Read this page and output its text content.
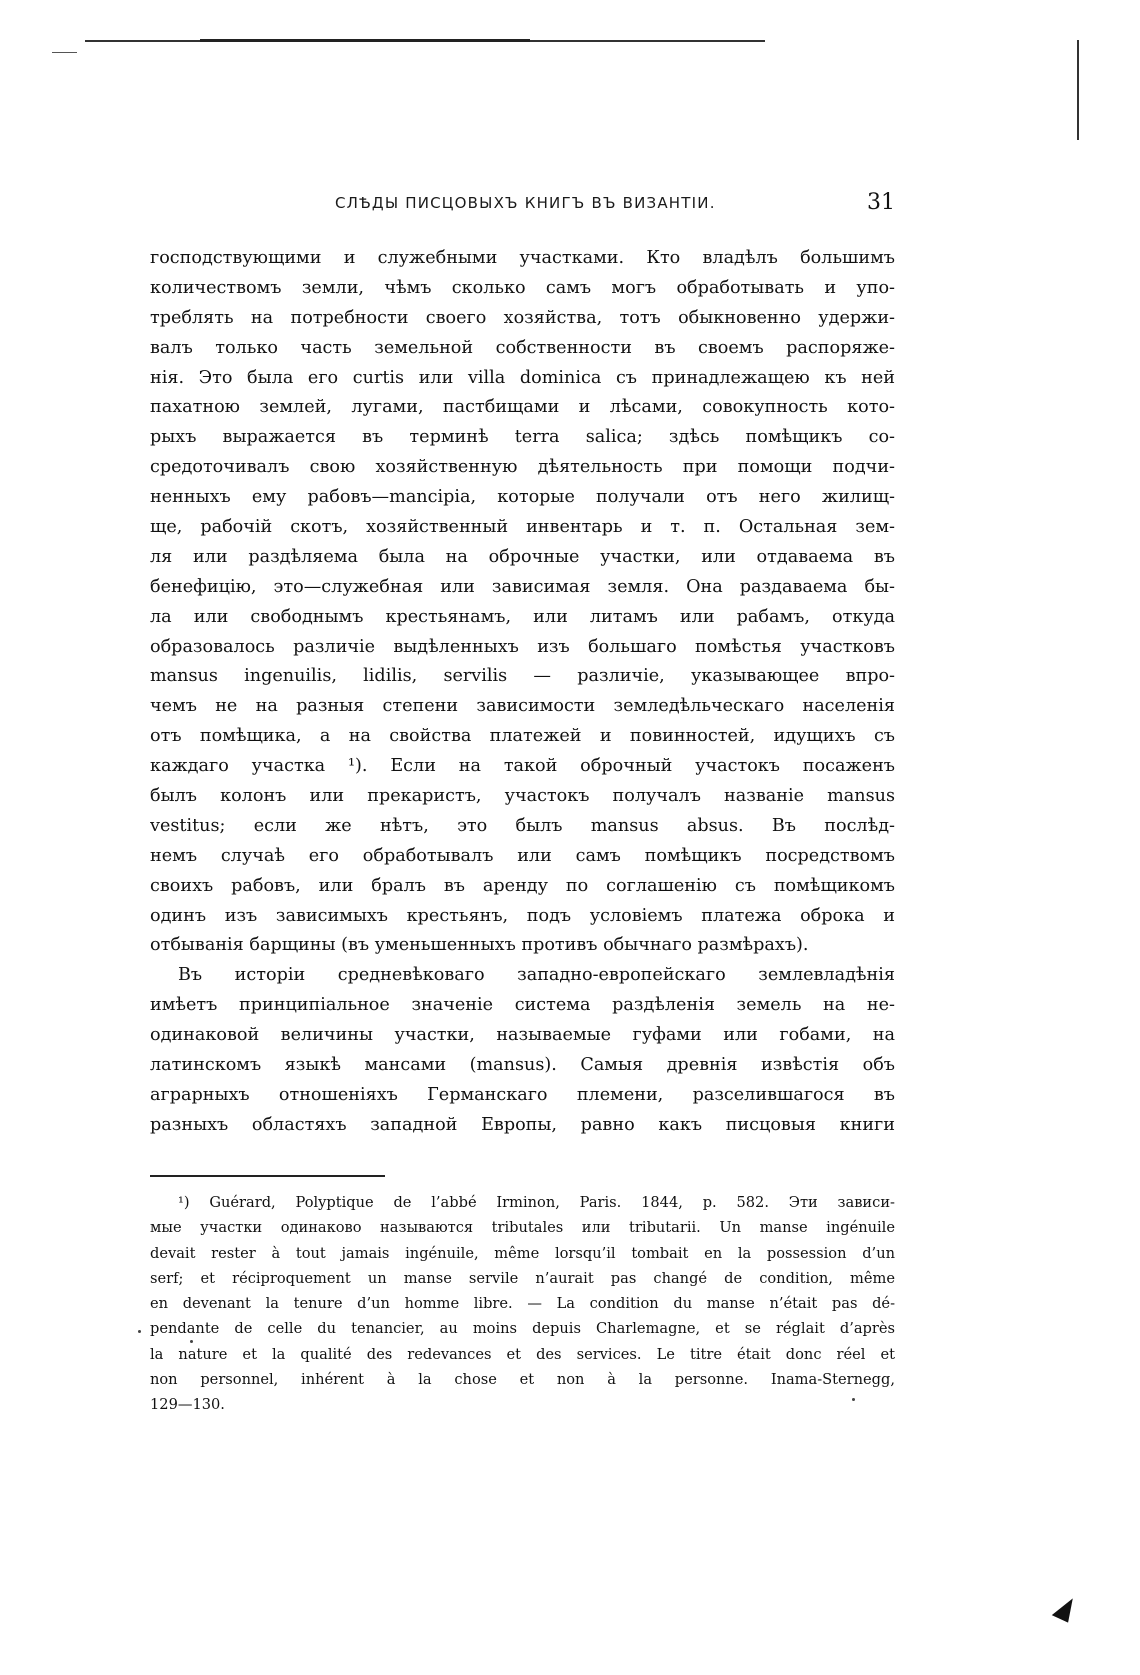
СЛѢДЫ ПИСЦОВЫХЪ КНИГЪ ВЪ ВИЗАНТІИ.	31
господствующими и служебными участками. Кто владѣлъ большимъ
количествомъ земли, чѣмъ сколько самъ могъ обработывать и упо-
треблять на потребности своего хозяйства, тотъ обыкновенно удержи-
валъ только часть земельной собственности въ своемъ распоряже-
нія. Это была его curtis или villa dominica съ принадлежащею къ ней
пахатною землей, лугами, пастбищами и лѣсами, совокупность кото-
рыхъ выражается въ терминѣ terra salica; здѣсь помѣщикъ со-
средоточивалъ свою хозяйственную дѣятельность при помощи подчи-
ненныхъ ему рабовъ—mancipia, которые получали отъ него жилищ-
ще, рабочій скотъ, хозяйственный инвентарь и т. п. Остальная зем-
ля или раздѣляема была на оброчные участки, или отдаваема въ
бенефицію, это—служебная или зависимая земля. Она раздаваема бы-
ла или свободнымъ крестьянамъ, или литамъ или рабамъ, откуда
образовалось различіе выдѣленныхъ изъ большаго помѣстья участковъ
mansus ingenuilis, lidilis, servilis — различіе, указывающее впро-
чемъ не на разныя степени зависимости земледѣльческаго населенія
отъ помѣщика, а на свойства платежей и повинностей, идущихъ съ
каждаго участка ¹). Если на такой оброчный участокъ посаженъ
былъ колонъ или прекаристъ, участокъ получалъ названіе mansus
vestitus; если же нѣтъ, это былъ mansus absus. Въ послѣд-
немъ случаѣ его обработывалъ или самъ помѣщикъ посредствомъ
своихъ рабовъ, или бралъ въ аренду по соглашенію съ помѣщикомъ
одинъ изъ зависимыхъ крестьянъ, подъ условіемъ платежа оброка и
отбыванія барщины (въ уменьшенныхъ противъ обычнаго размѣрахъ).
Въ исторіи средневѣковаго западно-европейскаго землевладѣнія
имѣетъ принципіальное значеніе система раздѣленія земель на не-
одинаковой величины участки, называемые гуфами или гобами, на
латинскомъ языкѣ мансами (mansus). Самыя древнія извѣстія объ
аграрныхъ отношеніяхъ Германскаго племени, разселившагося въ
разныхъ областяхъ западной Европы, равно какъ писцовыя книги
¹) Guérard, Polyptique de l’abbé Irminon, Paris. 1844, p. 582. Эти зависи-
мые участки одинаково называются tributales или tributarii. Un manse ingénuile
devait rester à tout jamais ingénuile, même lorsqu’il tombait en la possession d’un
serf; et réciproquement un manse servile n’aurait pas changé de condition, même
en devenant la tenure d’un homme libre. — La condition du manse n’était pas dé-
pendante de celle du tenancier, au moins depuis Charlemagne, et se réglait d’après
la nature et la qualité des redevances et des services. Le titre était donc réel et
non personnel, inhérent à la chose et non à la personne. Inama-Sternegg,
129—130.
